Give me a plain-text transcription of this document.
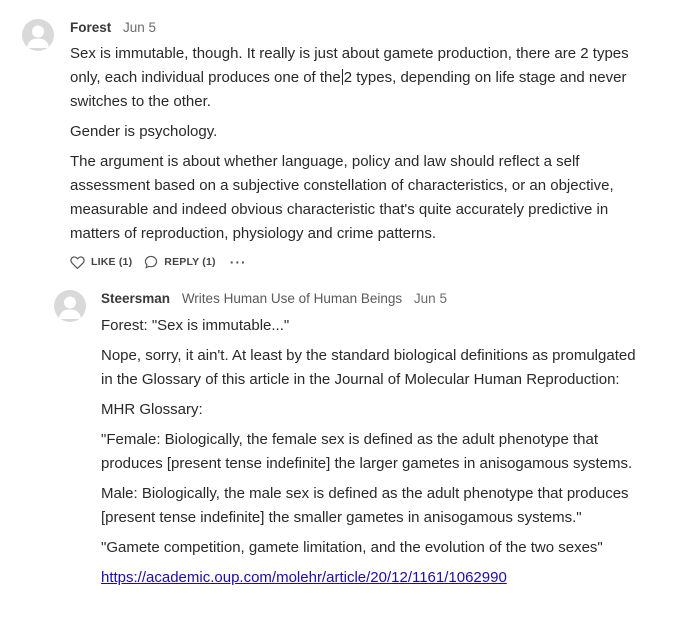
Forest Jun 5

Sex is immutable, though. It really is just about gamete production, there are 2 types only, each individual produces one of the 2 types, depending on life stage and never switches to the other.

Gender is psychology.

The argument is about whether language, policy and law should reflect a self assessment based on a subjective constellation of characteristics, or an objective, measurable and indeed obvious characteristic that's quite accurately predictive in matters of reproduction, physiology and crime patterns.

LIKE (1)	REPLY (1) ···
Steersman Writes Human Use of Human Beings Jun 5

Forest: "Sex is immutable..."

Nope, sorry, it ain't. At least by the standard biological definitions as promulgated in the Glossary of this article in the Journal of Molecular Human Reproduction:

MHR Glossary:

"Female: Biologically, the female sex is defined as the adult phenotype that produces [present tense indefinite] the larger gametes in anisogamous systems.

Male: Biologically, the male sex is defined as the adult phenotype that produces [present tense indefinite] the smaller gametes in anisogamous systems."

"Gamete competition, gamete limitation, and the evolution of the two sexes"

https://academic.oup.com/molehr/article/20/12/1161/1062990
